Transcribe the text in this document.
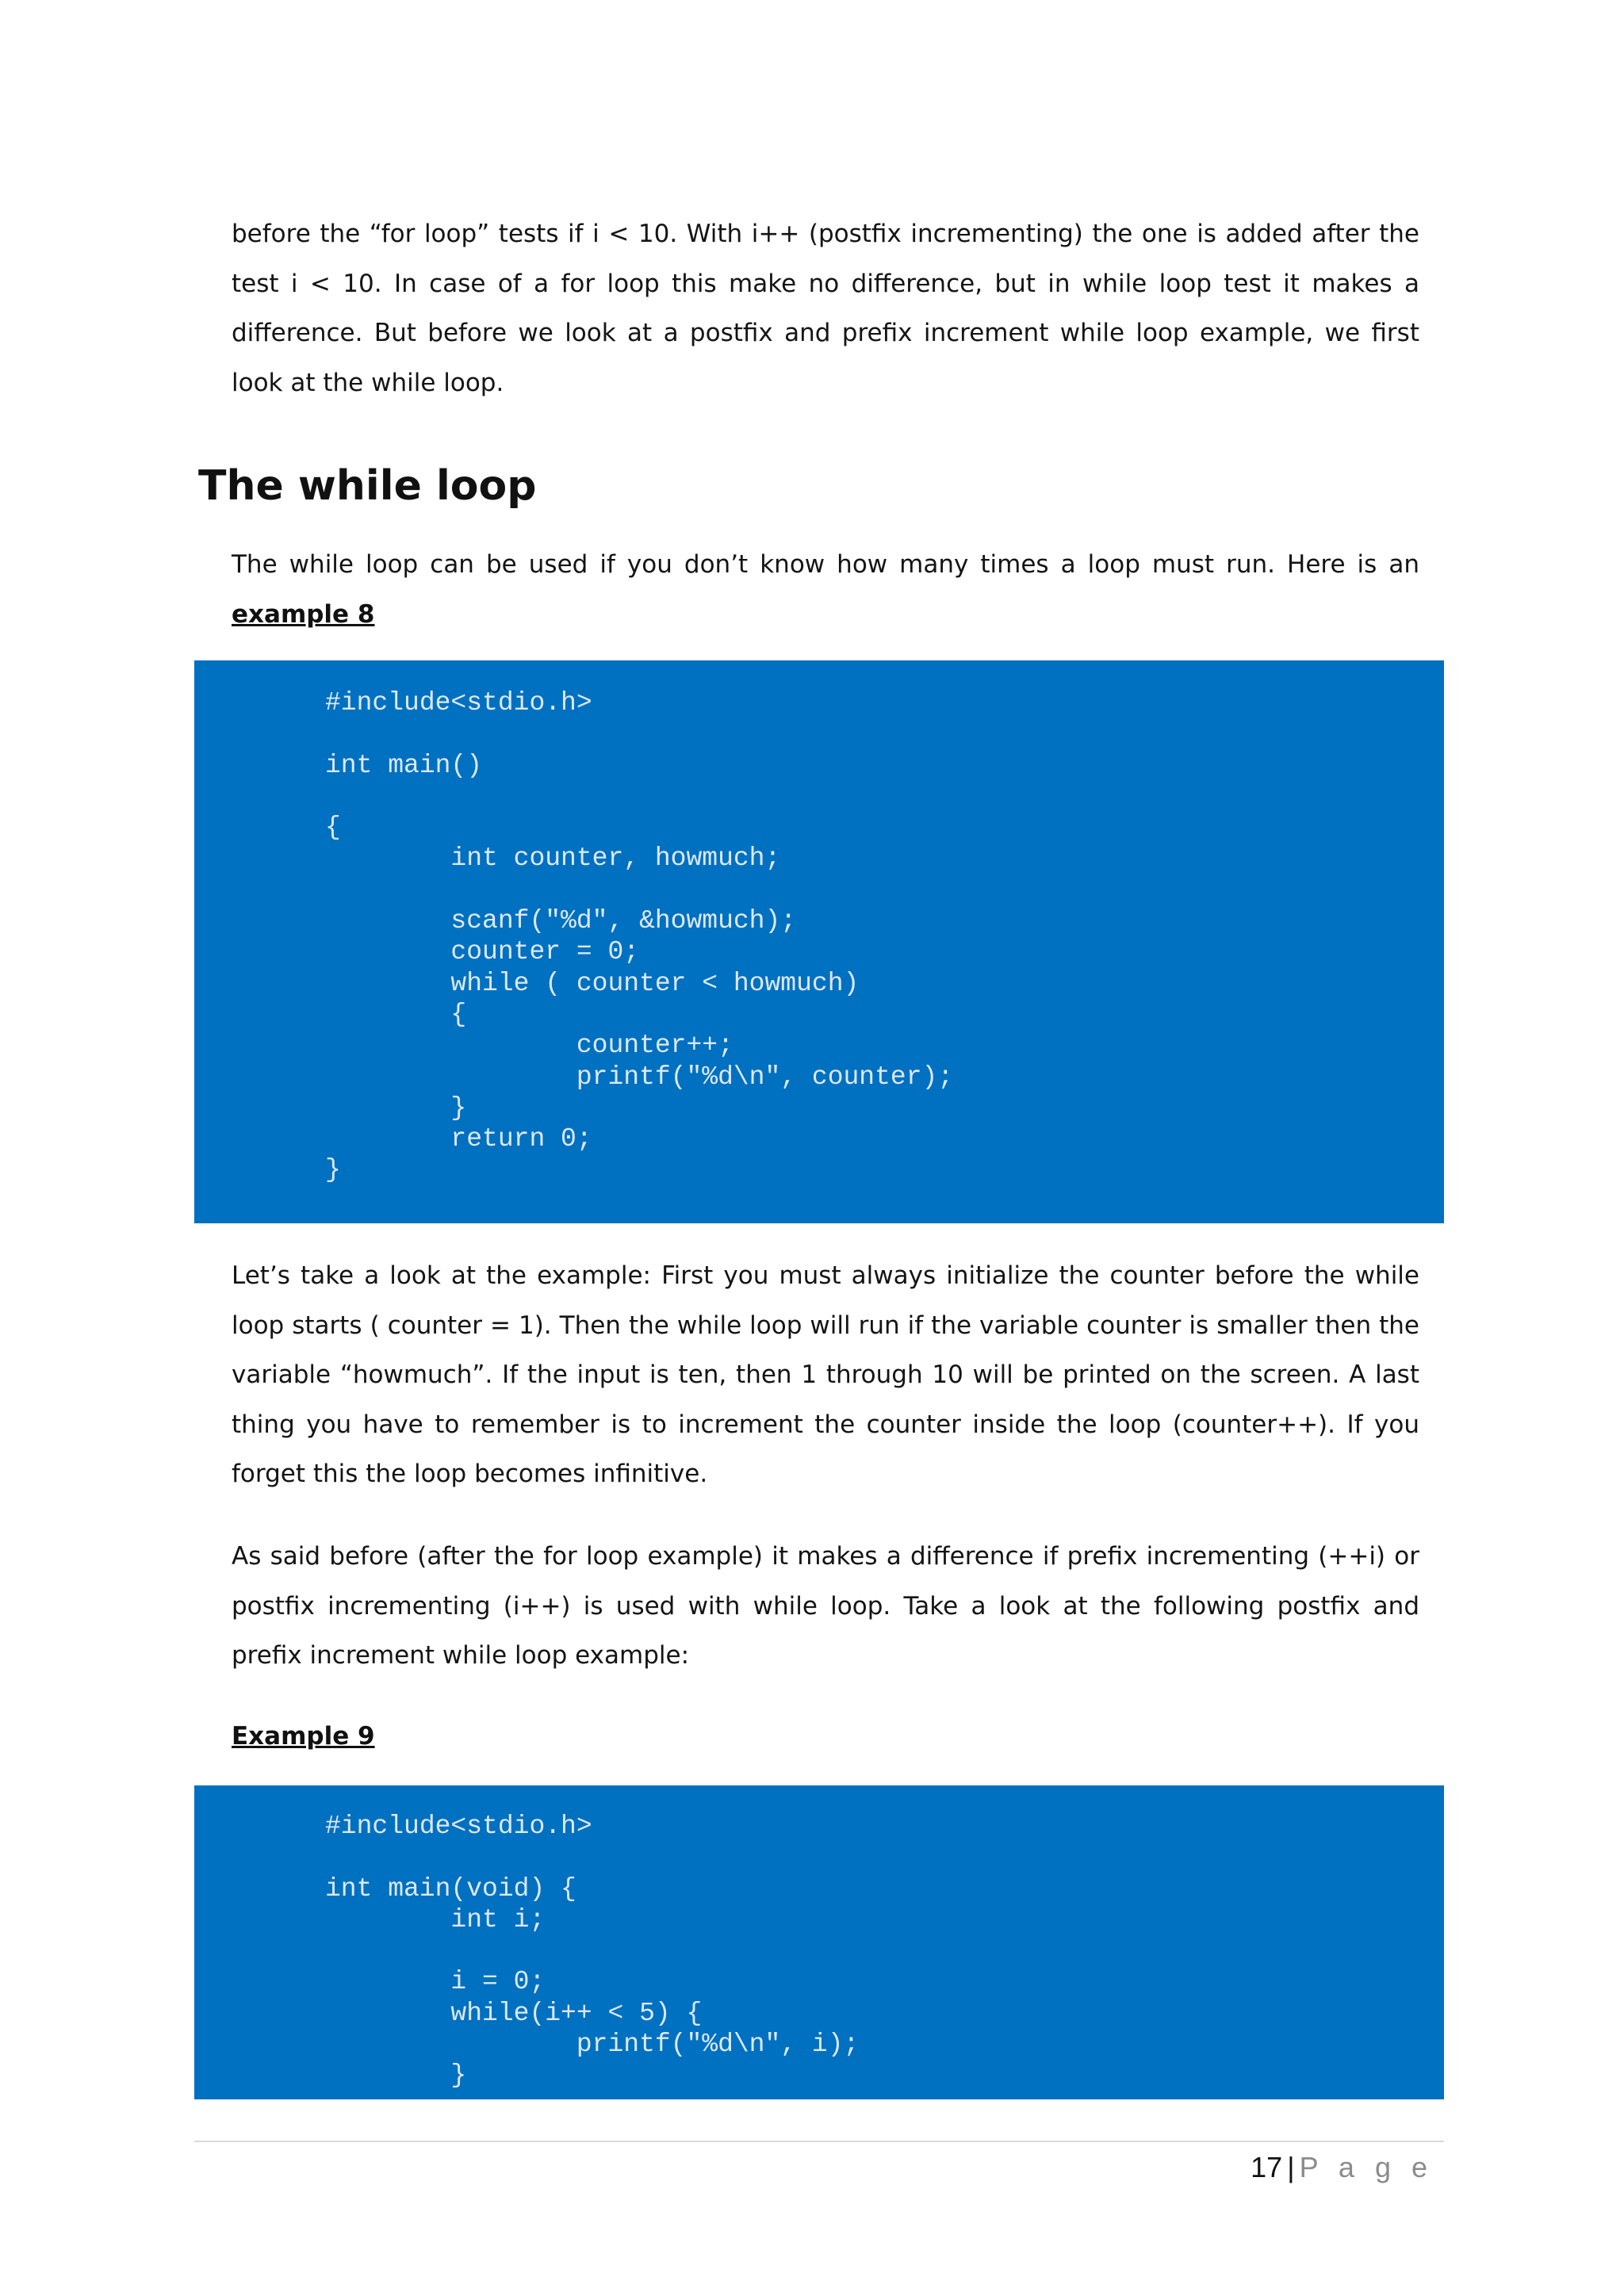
before the “for loop” tests if i < 10. With i++ (postfix incrementing) the one is added after the test i < 10. In case of a for loop this make no difference, but in while loop test it makes a difference. But before we look at a postfix and prefix increment while loop example, we first look at the while loop.

The while loop

The while loop can be used if you don’t know how many times a loop must run. Here is an example 8

#include<stdio.h>

int main()

{
int counter, howmuch;

scanf("%d", &howmuch);
counter = 0;
while ( counter < howmuch)
{
counter++;
printf("%d\n", counter);
}
return 0;
}

Let’s take a look at the example: First you must always initialize the counter before the while loop starts ( counter = 1). Then the while loop will run if the variable counter is smaller then the variable “howmuch”. If the input is ten, then 1 through 10 will be printed on the screen. A last thing you have to remember is to increment the counter inside the loop (counter++). If you forget this the loop becomes infinitive.

As said before (after the for loop example) it makes a difference if prefix incrementing (++i) or postfix incrementing (i++) is used with while loop. Take a look at the following postfix and prefix increment while loop example:

Example 9

#include<stdio.h>

int main(void) {
int i;

i = 0;
while(i++ < 5) {
printf("%d\n", i);
}
17 | P a g e
